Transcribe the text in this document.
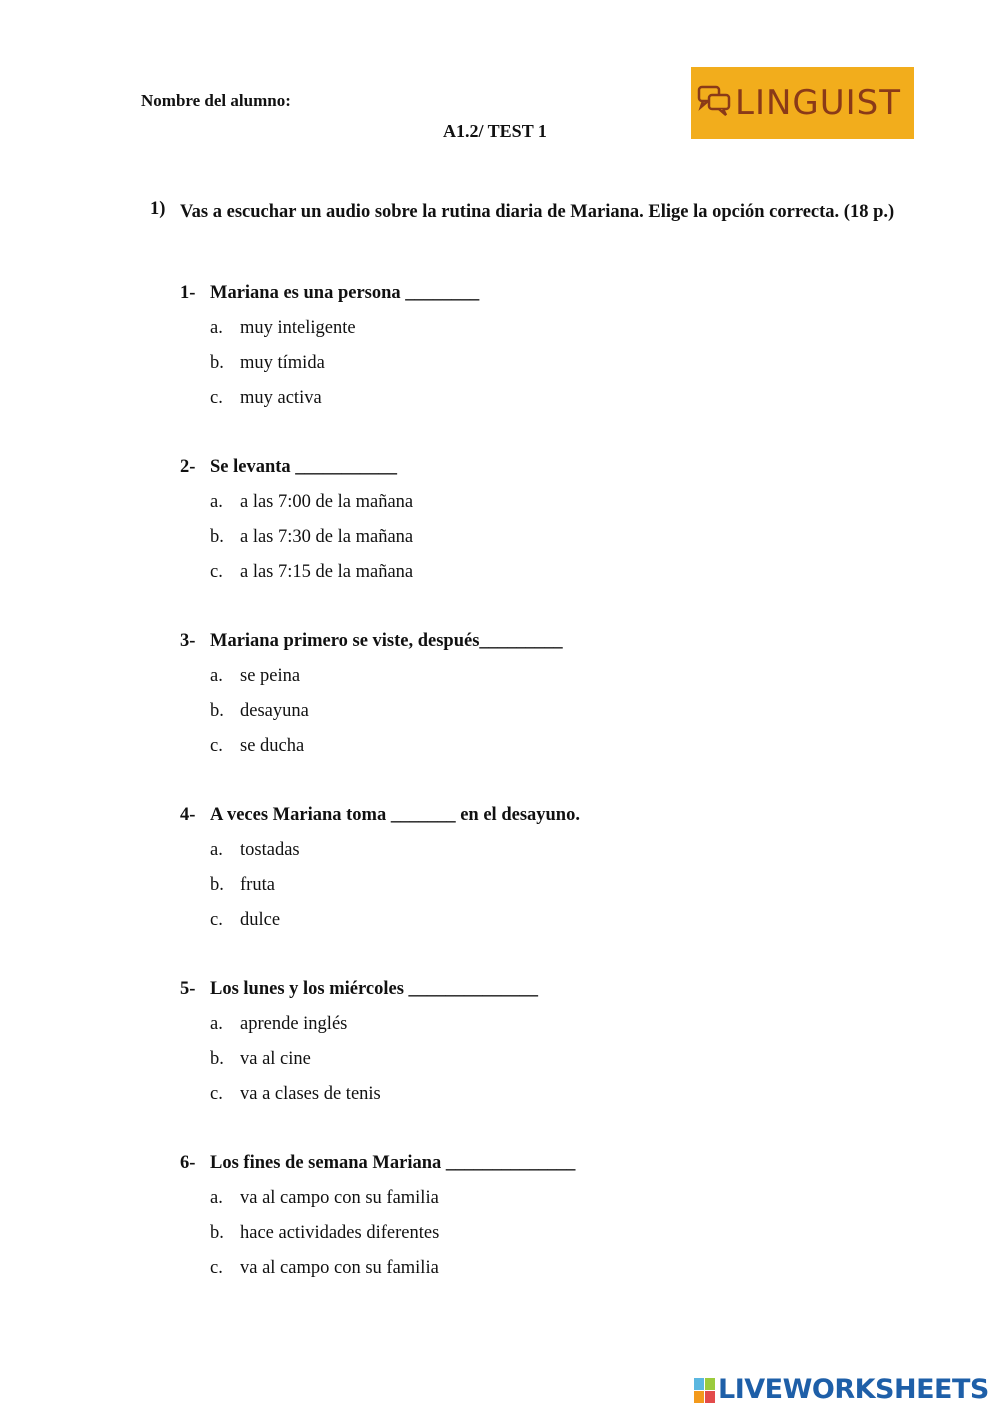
Nombre del alumno:
A1.2/ TEST 1
LINGUIST
1) Vas a escuchar un audio sobre la rutina diaria de Mariana. Elige la opción correcta. (18 p.)
1- Mariana es una persona ________
a. muy inteligente
b. muy tímida
c. muy activa
2- Se levanta ___________
a. a las 7:00 de la mañana
b. a las 7:30 de la mañana
c. a las 7:15 de la mañana
3- Mariana primero se viste, después_________
a. se peina
b. desayuna
c. se ducha
4- A veces Mariana toma _______ en el desayuno.
a. tostadas
b. fruta
c. dulce
5- Los lunes y los miércoles ______________
a. aprende inglés
b. va al cine
c. va a clases de tenis
6- Los fines de semana Mariana ______________
a. va al campo con su familia
b. hace actividades diferentes
c. va al campo con su familia
LIVEWORKSHEETS
